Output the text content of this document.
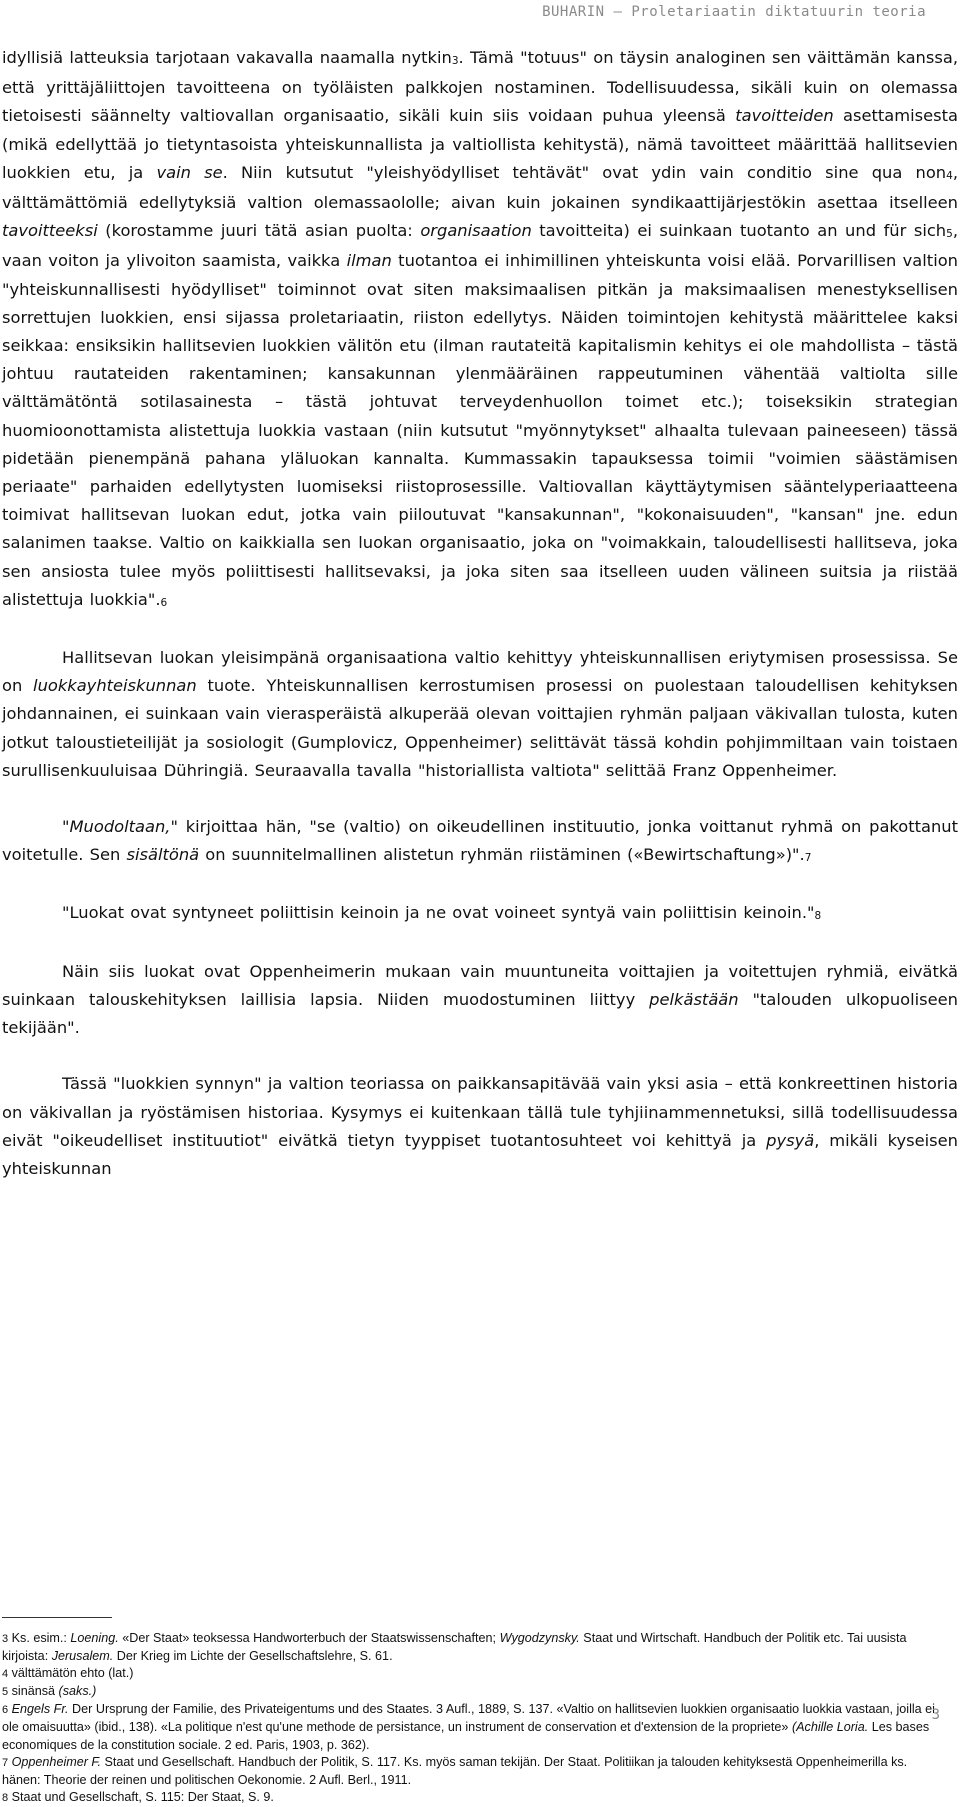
BUHARIN – Proletariaatin diktatuurin teoria

idyllisiä latteuksia tarjotaan vakavalla naamalla nytkin3. Tämä "totuus" on täysin analoginen sen väittämän kanssa, että yrittäjäliittojen tavoitteena on työläisten palkkojen nostaminen. Todellisuudessa, sikäli kuin on olemassa tietoisesti säännelty valtiovallan organisaatio, sikäli kuin siis voidaan puhua yleensä tavoitteiden asettamisesta (mikä edellyttää jo tietyntasoista yhteiskunnallista ja valtiollista kehitystä), nämä tavoitteet määrittää hallitsevien luokkien etu, ja vain se. Niin kutsutut "yleishyödylliset tehtävät" ovat ydin vain conditio sine qua non4, välttämättömiä edellytyksiä valtion olemassaololle; aivan kuin jokainen syndikaattijärjestökin asettaa itselleen tavoitteeksi (korostamme juuri tätä asian puolta: organisaation tavoitteita) ei suinkaan tuotanto an und für sich5, vaan voiton ja ylivoiton saamista, vaikka ilman tuotantoa ei inhimillinen yhteiskunta voisi elää. Porvarillisen valtion "yhteiskunnallisesti hyödylliset" toiminnot ovat siten maksimaalisen pitkän ja maksimaalisen menestyksellisen sorrettujen luokkien, ensi sijassa proletariaatin, riiston edellytys. Näiden toimintojen kehitystä määrittelee kaksi seikkaa: ensiksikin hallitsevien luokkien välitön etu (ilman rautateitä kapitalismin kehitys ei ole mahdollista – tästä johtuu rautateiden rakentaminen; kansakunnan ylenmääräinen rappeutuminen vähentää valtiolta sille välttämätöntä sotilasainesta – tästä johtuvat terveydenhuollon toimet etc.); toiseksikin strategian huomioonottamista alistettuja luokkia vastaan (niin kutsutut "myönnytykset" alhaalta tulevaan paineeseen) tässä pidetään pienempänä pahana yläluokan kannalta. Kummassakin tapauksessa toimii "voimien säästämisen periaate" parhaiden edellytysten luomiseksi riistoprosessille. Valtiovallan käyttäytymisen sääntelyperiaatteena toimivat hallitsevan luokan edut, jotka vain piiloutuvat "kansakunnan", "kokonaisuuden", "kansan" jne. edun salanimen taakse. Valtio on kaikkialla sen luokan organisaatio, joka on "voimakkain, taloudellisesti hallitseva, joka sen ansiosta tulee myös poliittisesti hallitsevaksi, ja joka siten saa itselleen uuden välineen suitsia ja riistää alistettuja luokkia".6

Hallitsevan luokan yleisimpänä organisaationa valtio kehittyy yhteiskunnallisen eriytymisen prosessissa. Se on luokkayhteiskunnan tuote. Yhteiskunnallisen kerrostumisen prosessi on puolestaan taloudellisen kehityksen johdannainen, ei suinkaan vain vierasperäistä alkuperää olevan voittajien ryhmän paljaan väkivallan tulosta, kuten jotkut taloustieteilijät ja sosiologit (Gumplovicz, Oppenheimer) selittävät tässä kohdin pohjimmiltaan vain toistaen surullisenkuuluisaa Dühringiä. Seuraavalla tavalla "historiallista valtiota" selittää Franz Oppenheimer.

"Muodoltaan," kirjoittaa hän, "se (valtio) on oikeudellinen instituutio, jonka voittanut ryhmä on pakottanut voitetulle. Sen sisältönä on suunnitelmallinen alistetun ryhmän riistäminen («Bewirtschaftung»)".7

"Luokat ovat syntyneet poliittisin keinoin ja ne ovat voineet syntyä vain poliittisin keinoin."8

Näin siis luokat ovat Oppenheimerin mukaan vain muuntuneita voittajien ja voitettujen ryhmiä, eivätkä suinkaan talouskehityksen laillisia lapsia. Niiden muodostuminen liittyy pelkästään "talouden ulkopuoliseen tekijään".

Tässä "luokkien synnyn" ja valtion teoriassa on paikkansapitävää vain yksi asia – että konkreettinen historia on väkivallan ja ryöstämisen historiaa. Kysymys ei kuitenkaan tällä tule tyhjiinammennetuksi, sillä todellisuudessa eivät "oikeudelliset instituutiot" eivätkä tietyn tyyppiset tuotantosuhteet voi kehittyä ja pysyä, mikäli kyseisen yhteiskunnan

3 Ks. esim.: Loening. «Der Staat» teoksessa Handworterbuch der Staatswissenschaften; Wygodzynsky. Staat und Wirtschaft. Handbuch der Politik etc. Tai uusista kirjoista: Jerusalem. Der Krieg im Lichte der Gesellschaftslehre, S. 61.

4 välttämätön ehto (lat.)

5 sinänsä (saks.)

6 Engels Fr. Der Ursprung der Familie, des Privateigentums und des Staates. 3 Aufl., 1889, S. 137. «Valtio on hallitsevien luokkien organisaatio luokkia vastaan, joilla ei ole omaisuutta» (ibid., 138). «La politique n'est qu'une methode de persistance, un instrument de conservation et d'extension de la propriete» (Achille Loria. Les bases economiques de la constitution sociale. 2 ed. Paris, 1903, p. 362).

7 Oppenheimer F. Staat und Gesellschaft. Handbuch der Politik, S. 117. Ks. myös saman tekijän. Der Staat. Politiikan ja talouden kehityksestä Oppenheimerilla ks. hänen: Theorie der reinen und politischen Oekonomie. 2 Aufl. Berl., 1911.

8 Staat und Gesellschaft, S. 115: Der Staat, S. 9.

3
